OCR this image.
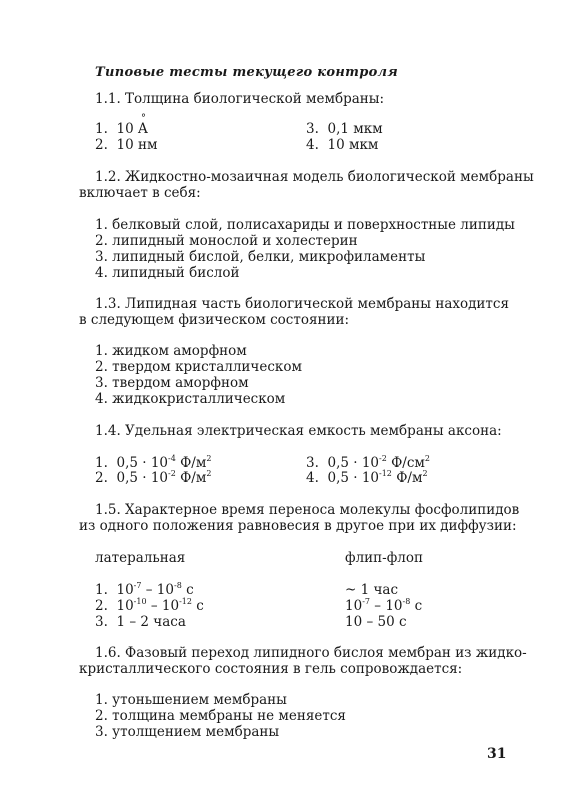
Типовые тесты текущего контроля
1.1. Толщина биологической мембраны:
1. 10 ° A
2. 10 нм
3. 0,1 мкм
4. 10 мкм
1.2. Жидкостно-мозаичная модель биологической мембраны
включает в себя:
1. белковый слой, полисахариды и поверхностные липиды
2. липидный монослой и холестерин
3. липидный бислой, белки, микрофиламенты
4. липидный бислой
1.3. Липидная часть биологической мембраны находится
в следующем физическом состоянии:
1. жидком аморфном
2. твердом кристаллическом
3. твердом аморфном
4. жидкокристаллическом
1.4. Удельная электрическая емкость мембраны аксона:
1. $0,5 \cdot 10^{-4}$ $Ф/м^2$
2. $0,5 \cdot 10^{-2}$ $Ф/м^2$
3. $0,5 \cdot 10^{-2}$ $Ф/см^2$
4. $0,5 \cdot 10^{-12}$ $Ф/м^2$
1.5. Характерное время переноса молекулы фосфолипидов
из одного положения равновесия в другое при их диффузии:
латеральная	флип-флоп
1. $10^{-7} - 10^{-8}$ с	~ 1 час
2. $10^{-10} - 10^{-12}$ с	$10^{-7} - 10^{-8}$ с
3. 1 – 2 часа	10 – 50 с
1.6. Фазовый переход липидного бислоя мембран из жидко-
кристаллического состояния в гель сопровождается:
1. утоньшением мембраны
2. толщина мембраны не меняется
3. утолщением мембраны
31
